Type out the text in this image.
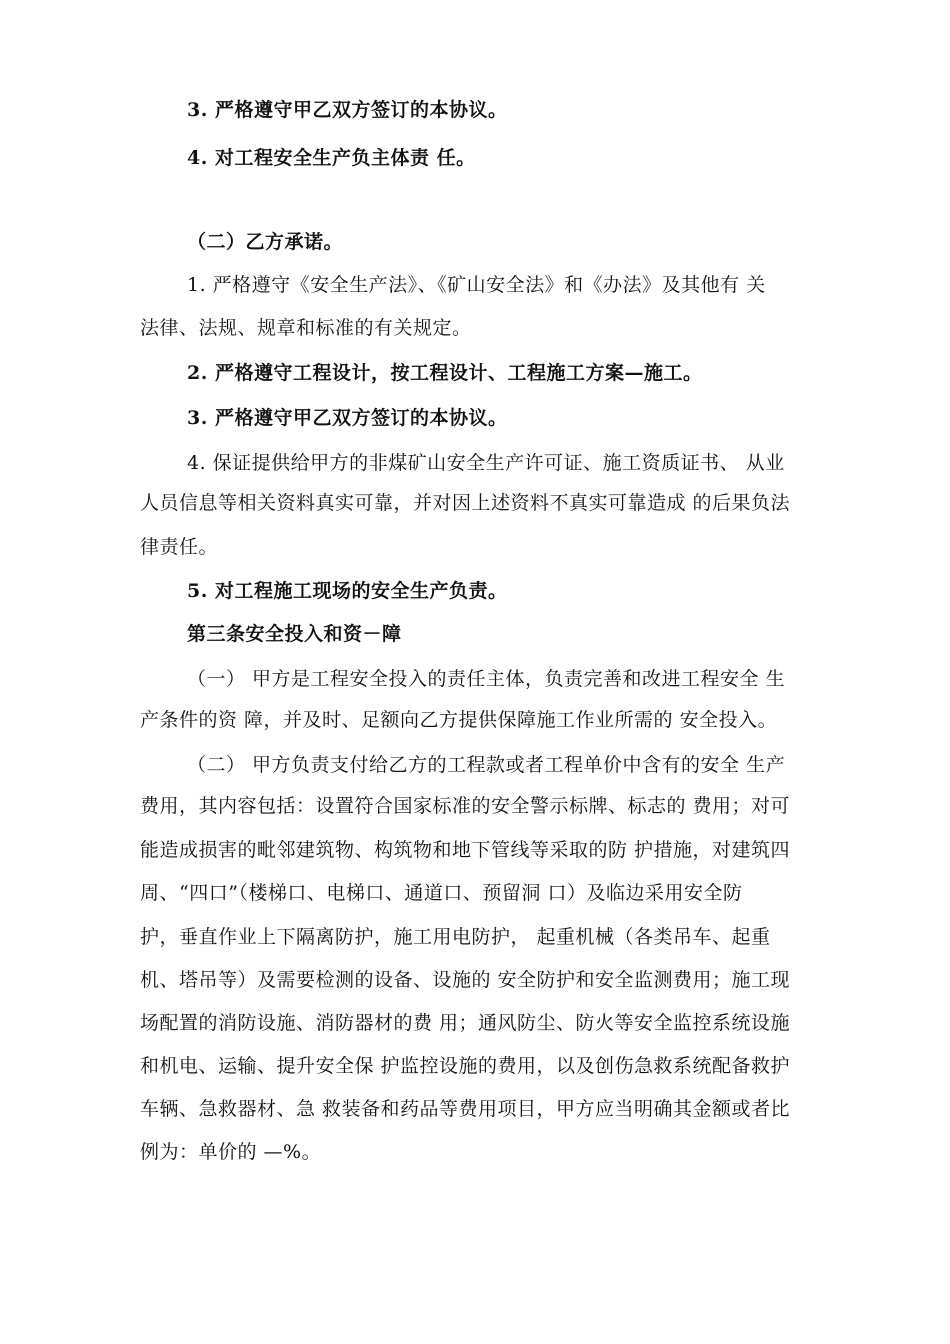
3. 严格遵守甲乙双方签订的本协议。
4. 对工程安全生产负主体责 任。
（二）乙方承诺。
1. 严格遵守《安全生产法》、《矿山安全法》和《办法》及其他有 关
法律、法规、规章和标准的有关规定。
2. 严格遵守工程设计，按工程设计、工程施工方案—施工。
3. 严格遵守甲乙双方签订的本协议。
4. 保证提供给甲方的非煤矿山安全生产许可证、施工资质证书、 从业
人员信息等相关资料真实可靠，并对因上述资料不真实可靠造成 的后果负法
律责任。
5. 对工程施工现场的安全生产负责。
第三条安全投入和资－障
（一） 甲方是工程安全投入的责任主体，负责完善和改进工程安全 生
产条件的资 障，并及时、足额向乙方提供保障施工作业所需的 安全投入。
（二） 甲方负责支付给乙方的工程款或者工程单价中含有的安全 生产
费用，其内容包括：设置符合国家标准的安全警示标牌、标志的 费用；对可
能造成损害的毗邻建筑物、构筑物和地下管线等采取的防 护措施，对建筑四
周、“四口”（楼梯口、电梯口、通道口、预留洞 口）及临边采用安全防
护，垂直作业上下隔离防护，施工用电防护， 起重机械（各类吊车、起重
机、塔吊等）及需要检测的设备、设施的 安全防护和安全监测费用；施工现
场配置的消防设施、消防器材的费 用；通风防尘、防火等安全监控系统设施
和机电、运输、提升安全保 护监控设施的费用，以及创伤急救系统配备救护
车辆、急救器材、急 救装备和药品等费用项目，甲方应当明确其金额或者比
例为：单价的 —%。
